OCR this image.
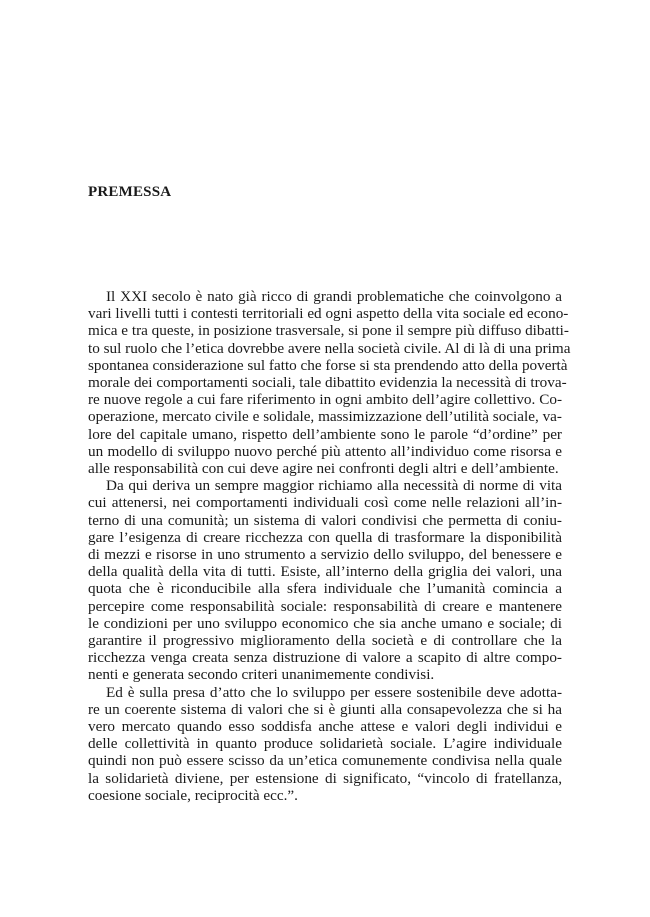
PREMESSA
Il XXI secolo è nato già ricco di grandi problematiche che coinvolgono a
vari livelli tutti i contesti territoriali ed ogni aspetto della vita sociale ed econo-
mica e tra queste, in posizione trasversale, si pone il sempre più diffuso dibatti-
to sul ruolo che l’etica dovrebbe avere nella società civile. Al di là di una prima
spontanea considerazione sul fatto che forse si sta prendendo atto della povertà
morale dei comportamenti sociali, tale dibattito evidenzia la necessità di trova-
re nuove regole a cui fare riferimento in ogni ambito dell’agire collettivo. Co-
operazione, mercato civile e solidale, massimizzazione dell’utilità sociale, va-
lore del capitale umano, rispetto dell’ambiente sono le parole “d’ordine” per
un modello di sviluppo nuovo perché più attento all’individuo come risorsa e
alle responsabilità con cui deve agire nei confronti degli altri e dell’ambiente.
Da qui deriva un sempre maggior richiamo alla necessità di norme di vita
cui attenersi, nei comportamenti individuali così come nelle relazioni all’in-
terno di una comunità; un sistema di valori condivisi che permetta di coniu-
gare l’esigenza di creare ricchezza con quella di trasformare la disponibilità
di mezzi e risorse in uno strumento a servizio dello sviluppo, del benessere e
della qualità della vita di tutti. Esiste, all’interno della griglia dei valori, una
quota che è riconducibile alla sfera individuale che l’umanità comincia a
percepire come responsabilità sociale: responsabilità di creare e mantenere
le condizioni per uno sviluppo economico che sia anche umano e sociale; di
garantire il progressivo miglioramento della società e di controllare che la
ricchezza venga creata senza distruzione di valore a scapito di altre compo-
nenti e generata secondo criteri unanimemente condivisi.
Ed è sulla presa d’atto che lo sviluppo per essere sostenibile deve adotta-
re un coerente sistema di valori che si è giunti alla consapevolezza che si ha
vero mercato quando esso soddisfa anche attese e valori degli individui e
delle collettività in quanto produce solidarietà sociale. L’agire individuale
quindi non può essere scisso da un’etica comunemente condivisa nella quale
la solidarietà diviene, per estensione di significato, “vincolo di fratellanza,
coesione sociale, reciprocità ecc.”.
